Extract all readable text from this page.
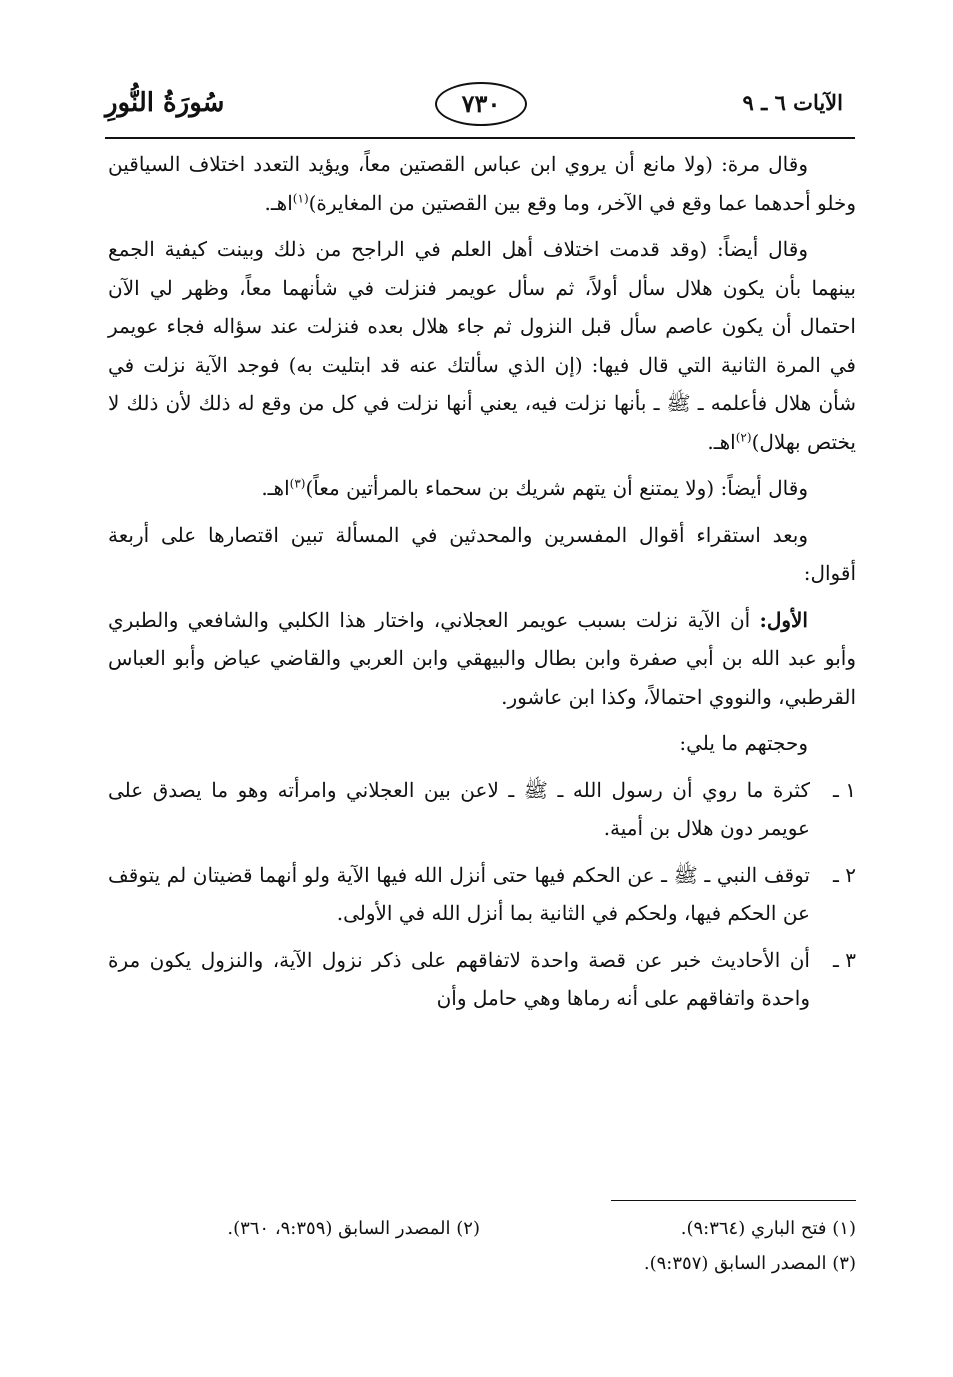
سُورَةُ النُّورِ	٧٣٠	الآيات ٦ ـ ٩

وقال مرة: (ولا مانع أن يروي ابن عباس القصتين معاً، ويؤيد التعدد اختلاف السياقين وخلو أحدهما عما وقع في الآخر، وما وقع بين القصتين من المغايرة)$^{(١)}$اهـ.

وقال أيضاً: (وقد قدمت اختلاف أهل العلم في الراجح من ذلك وبينت كيفية الجمع بينهما بأن يكون هلال سأل أولاً، ثم سأل عويمر فنزلت في شأنهما معاً، وظهر لي الآن احتمال أن يكون عاصم سأل قبل النزول ثم جاء هلال بعده فنزلت عند سؤاله فجاء عويمر في المرة الثانية التي قال فيها: (إن الذي سألتك عنه قد ابتليت به) فوجد الآية نزلت في شأن هلال فأعلمه ـ ﷺ ـ بأنها نزلت فيه، يعني أنها نزلت في كل من وقع له ذلك لأن ذلك لا يختص بهلال)$^{(٢)}$اهـ.

وقال أيضاً: (ولا يمتنع أن يتهم شريك بن سحماء بالمرأتين معاً)$^{(٣)}$اهـ.

وبعد استقراء أقوال المفسرين والمحدثين في المسألة تبين اقتصارها على أربعة أقوال:

الأول: أن الآية نزلت بسبب عويمر العجلاني، واختار هذا الكلبي والشافعي والطبري وأبو عبد الله بن أبي صفرة وابن بطال والبيهقي وابن العربي والقاضي عياض وأبو العباس القرطبي، والنووي احتمالاً، وكذا ابن عاشور.

وحجتهم ما يلي:

١ ـ
كثرة ما روي أن رسول الله ـ ﷺ ـ لاعن بين العجلاني وامرأته وهو ما يصدق على عويمر دون هلال بن أمية.
٢ ـ
توقف النبي ـ ﷺ ـ عن الحكم فيها حتى أنزل الله فيها الآية ولو أنهما قضيتان لم يتوقف عن الحكم فيها، ولحكم في الثانية بما أنزل الله في الأولى.
٣ ـ
أن الأحاديث خبر عن قصة واحدة لاتفاقهم على ذكر نزول الآية، والنزول يكون مرة واحدة واتفاقهم على أنه رماها وهي حامل وأن
(١) فتح الباري (٩:٣٦٤).
(٢) المصدر السابق (٩:٣٥٩، ٣٦٠).
(٣) المصدر السابق (٩:٣٥٧).
